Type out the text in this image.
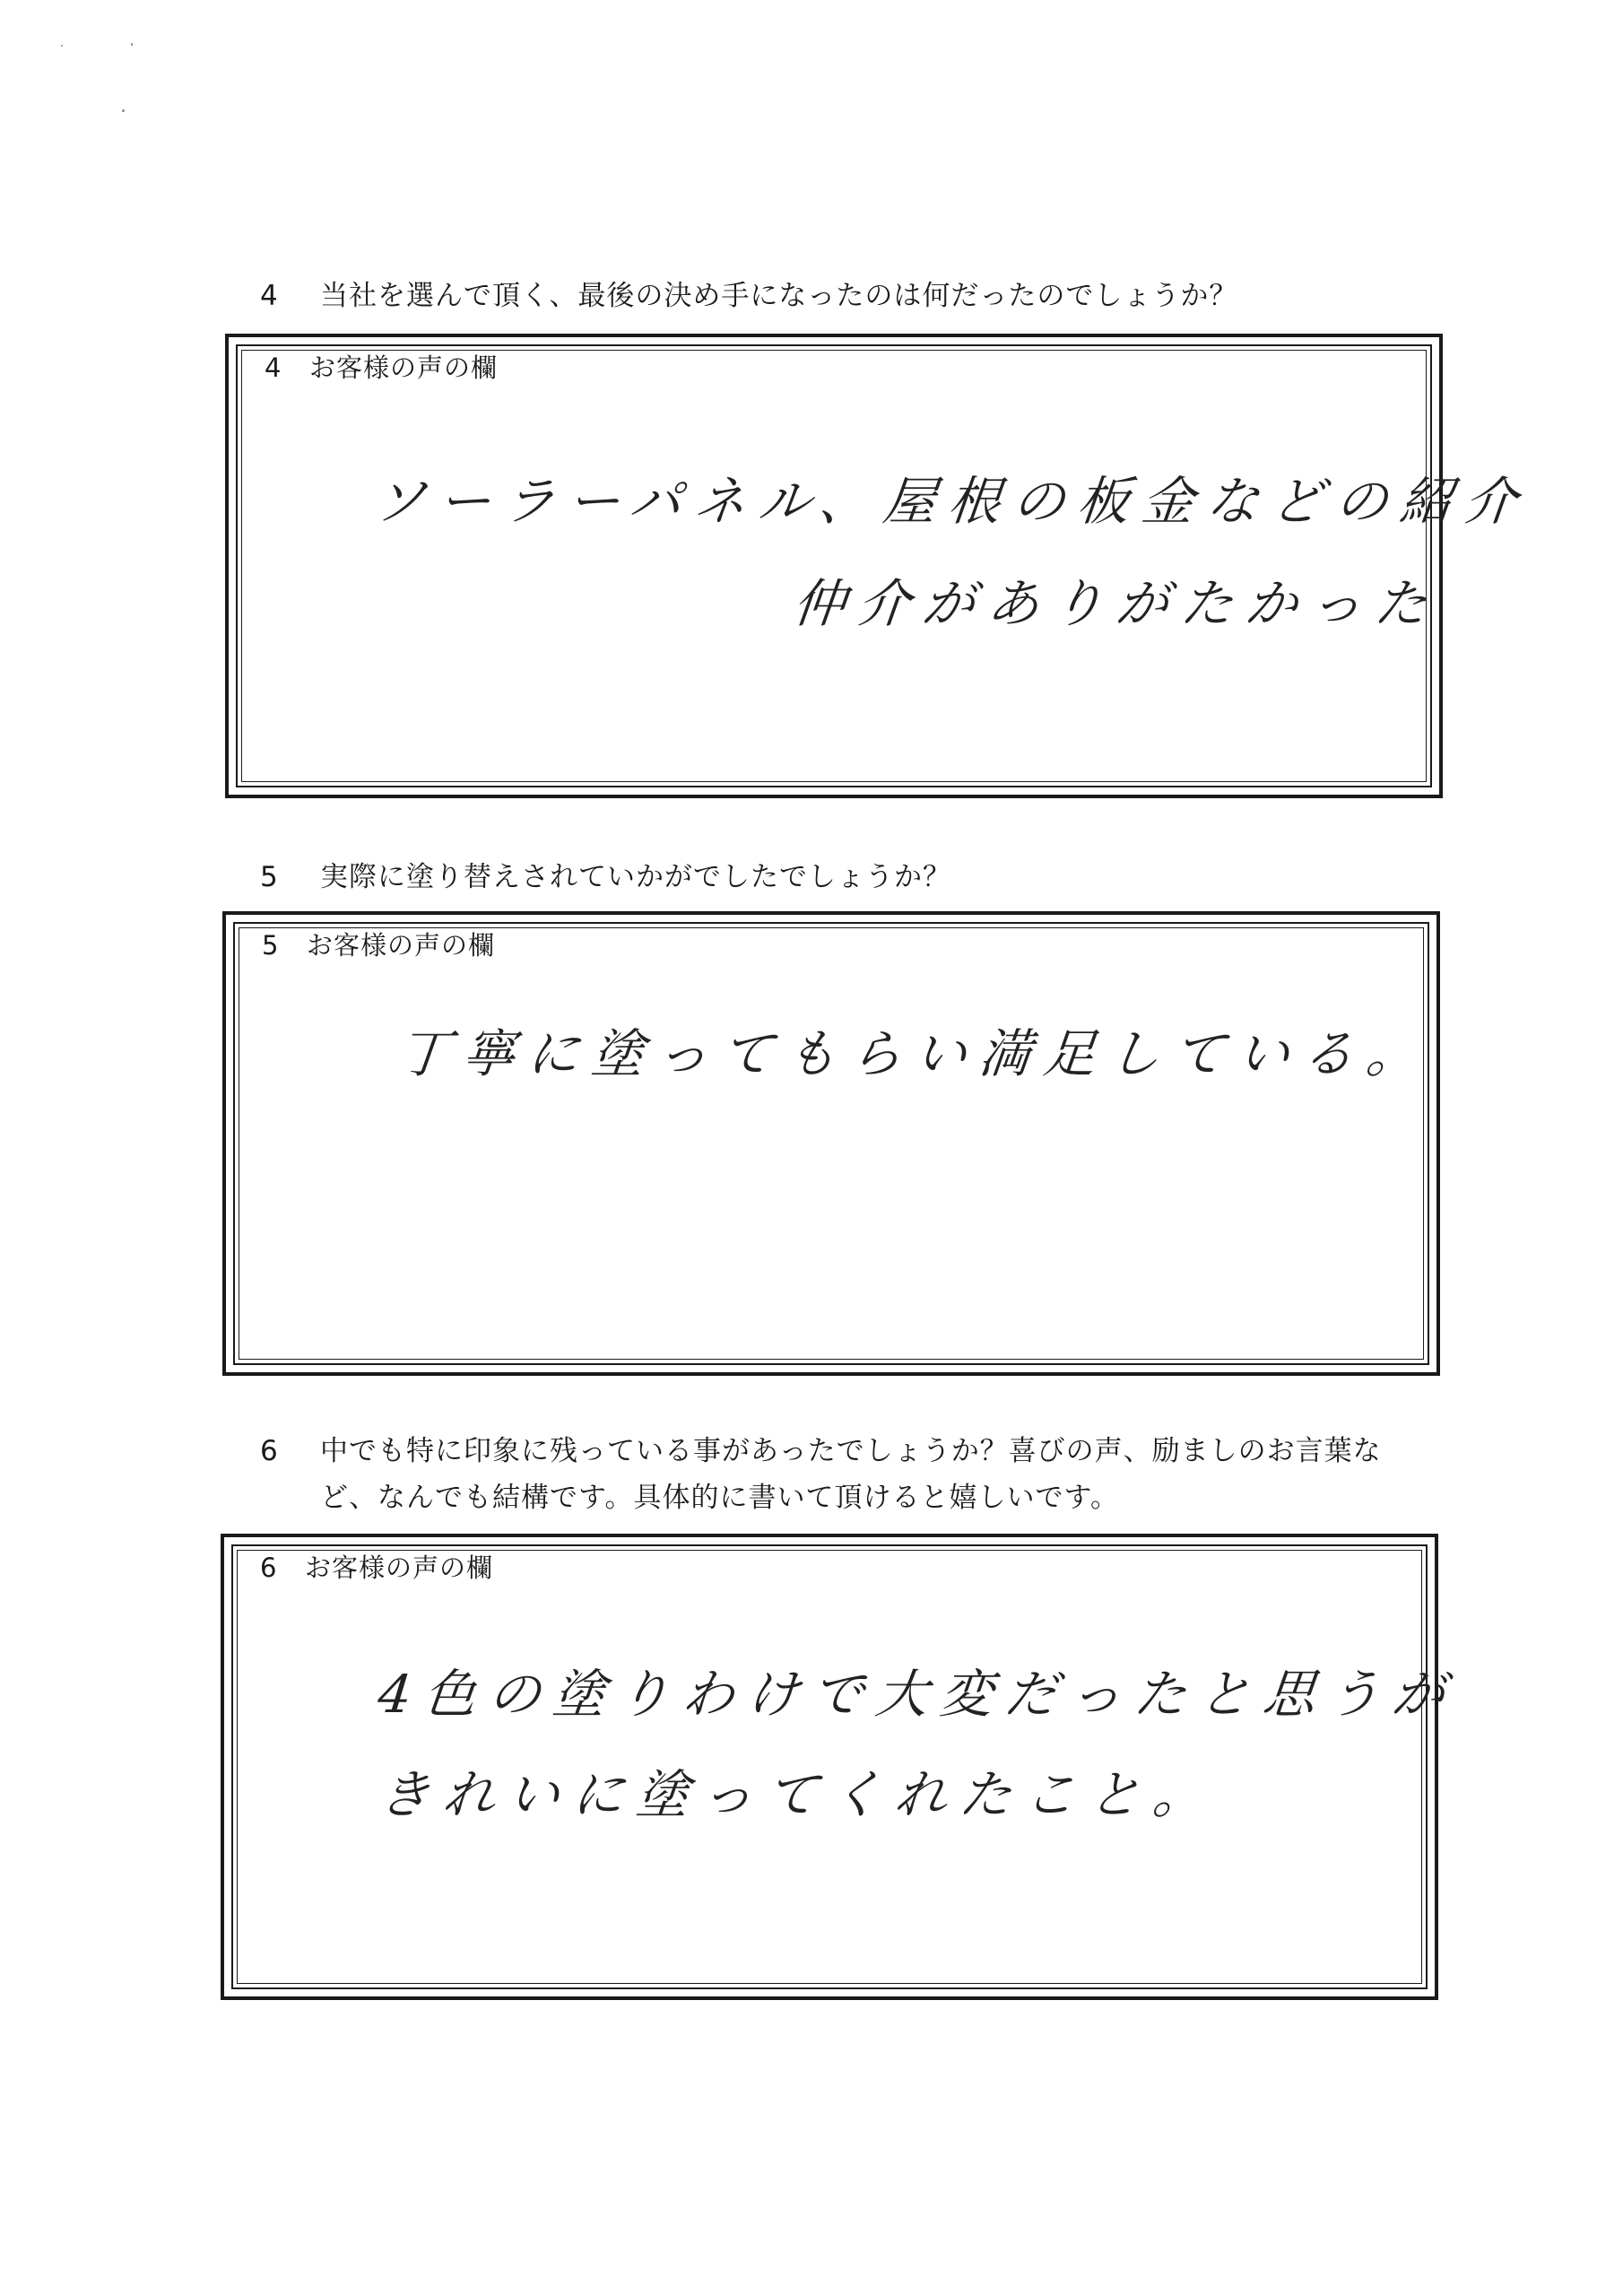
4	当社を選んで頂く、最後の決め手になったのは何だったのでしょうか？
4 お客様の声の欄
ソーラーパネル、屋根の板金などの紹介
仲介がありがたかった
5	実際に塗り替えされていかがでしたでしょうか？
5 お客様の声の欄
丁寧に塗ってもらい満足している。
6	中でも特に印象に残っている事があったでしょうか？喜びの声、励ましのお言葉な
ど、なんでも結構です。具体的に書いて頂けると嬉しいです。
6 お客様の声の欄
4色の塗りわけで大変だったと思うが
きれいに塗ってくれたこと。
